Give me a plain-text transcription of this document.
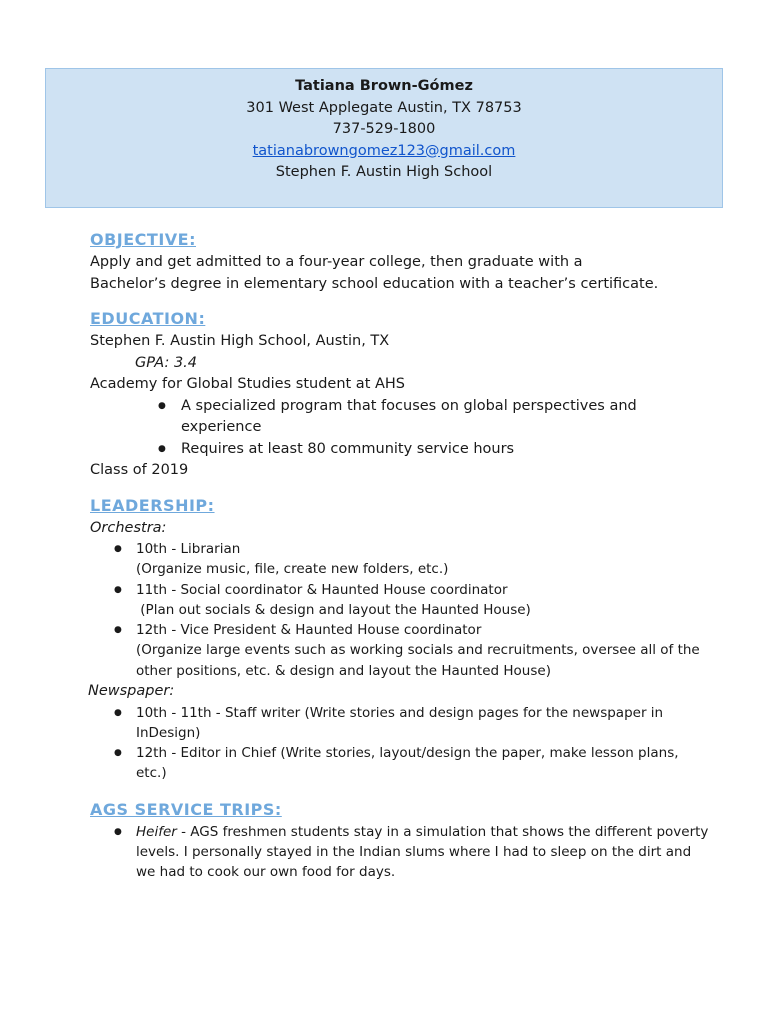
Tatiana Brown-Gómez
301 West Applegate Austin, TX 78753
737-529-1800
tatianabrowngomez123@gmail.com
Stephen F. Austin High School
OBJECTIVE:

Apply and get admitted to a four-year college, then graduate with a

Bachelor’s degree in elementary school education with a teacher’s certificate.

EDUCATION:

Stephen F. Austin High School, Austin, TX

GPA: 3.4

Academy for Global Studies student at AHS

● A specialized program that focuses on global perspectives and experience
● Requires at least 80 community service hours

Class of 2019

LEADERSHIP:

Orchestra:

● 10th - Librarian
(Organize music, file, create new folders, etc.)
● 11th - Social coordinator & Haunted House coordinator
(Plan out socials & design and layout the Haunted House)
● 12th - Vice President & Haunted House coordinator
(Organize large events such as working socials and recruitments, oversee all of the other positions, etc. & design and layout the Haunted House)

Newspaper:

● 10th - 11th - Staff writer (Write stories and design pages for the newspaper in InDesign)
● 12th - Editor in Chief (Write stories, layout/design the paper, make lesson plans, etc.)
AGS SERVICE TRIPS:
● Heifer - AGS freshmen students stay in a simulation that shows the different poverty levels. I personally stayed in the Indian slums where I had to sleep on the dirt and we had to cook our own food for days.
